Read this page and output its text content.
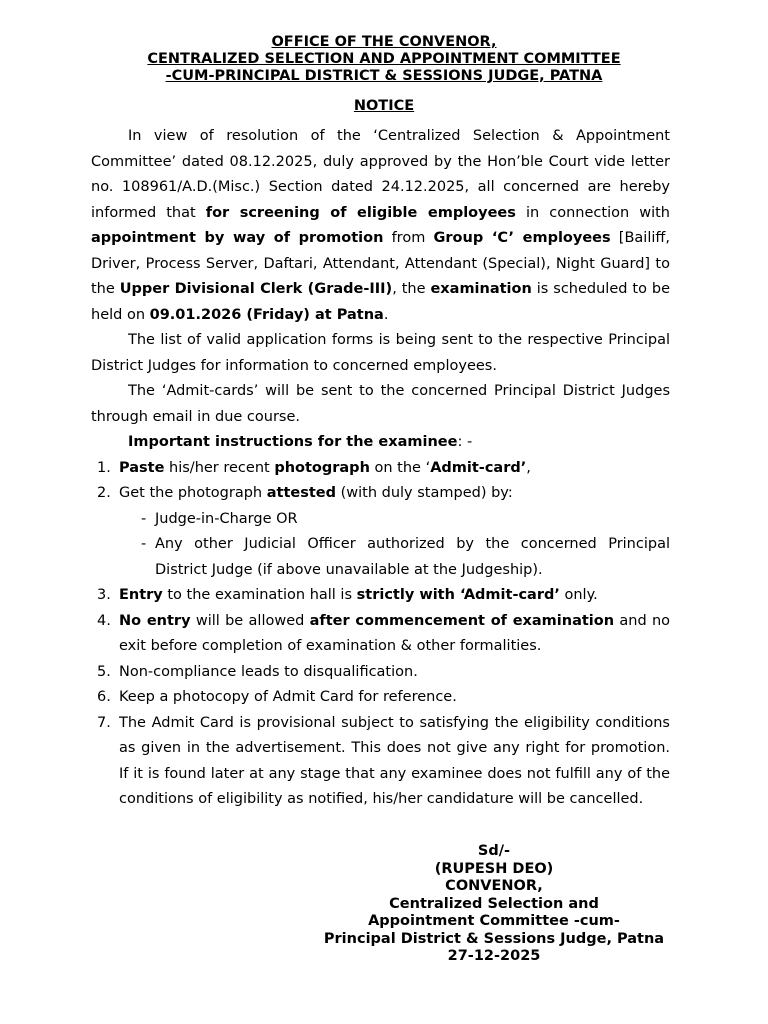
OFFICE OF THE CONVENOR,
CENTRALIZED SELECTION AND APPOINTMENT COMMITTEE
-CUM-PRINCIPAL DISTRICT & SESSIONS JUDGE, PATNA
NOTICE

In view of resolution of the ‘Centralized Selection & Appointment Committee’ dated 08.12.2025, duly approved by the Hon’ble Court vide letter no. 108961/A.D.(Misc.) Section dated 24.12.2025, all concerned are hereby informed that for screening of eligible employees in connection with appointment by way of promotion from Group ‘C’ employees [Bailiff, Driver, Process Server, Daftari, Attendant, Attendant (Special), Night Guard] to the Upper Divisional Clerk (Grade-III), the examination is scheduled to be held on 09.01.2026 (Friday) at Patna.

The list of valid application forms is being sent to the respective Principal District Judges for information to concerned employees.

The ‘Admit-cards’ will be sent to the concerned Principal District Judges through email in due course.

Important instructions for the examinee: -

1. Paste his/her recent photograph on the ‘Admit-card’,
2. Get the photograph attested (with duly stamped) by:
- Judge-in-Charge OR
- Any other Judicial Officer authorized by the concerned Principal District Judge (if above unavailable at the Judgeship).
3. Entry to the examination hall is strictly with ‘Admit-card’ only.
4. No entry will be allowed after commencement of examination and no exit before completion of examination & other formalities.
5. Non-compliance leads to disqualification.
6. Keep a photocopy of Admit Card for reference.
7. The Admit Card is provisional subject to satisfying the eligibility conditions as given in the advertisement. This does not give any right for promotion. If it is found later at any stage that any examinee does not fulfill any of the conditions of eligibility as notified, his/her candidature will be cancelled.
Sd/-
(RUPESH DEO)
CONVENOR,
Centralized Selection and
Appointment Committee -cum-
Principal District & Sessions Judge, Patna
27-12-2025
